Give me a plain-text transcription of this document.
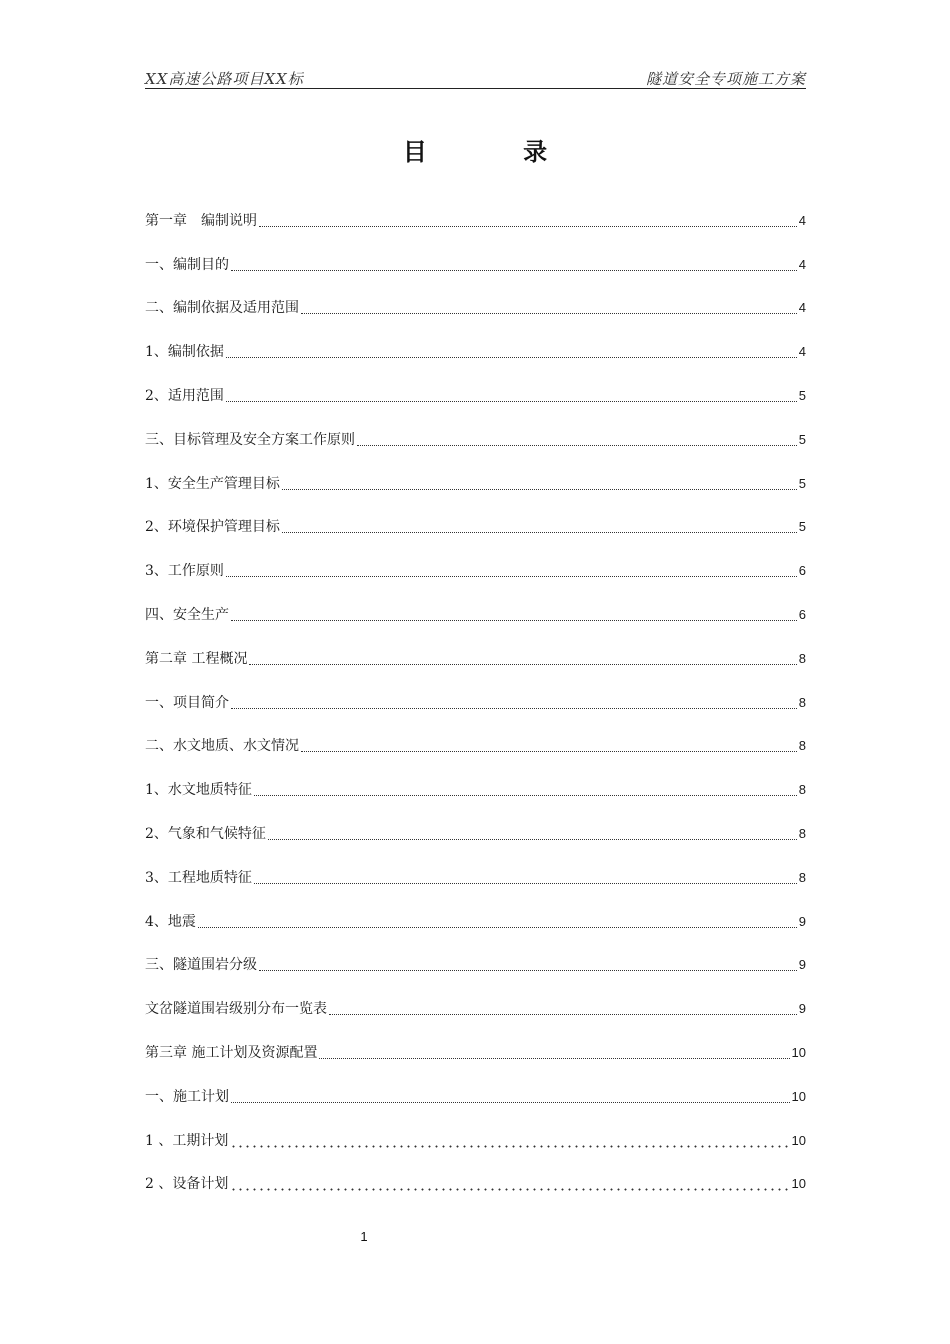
XX高速公路项目XX标	隧道安全专项施工方案
目 录
第一章　编制说明	4
一、编制目的	4
二、编制依据及适用范围	4
1、编制依据	4
2、适用范围	5
三、目标管理及安全方案工作原则	5
1、安全生产管理目标	5
2、环境保护管理目标	5
3、工作原则	6
四、安全生产	6
第二章 工程概况	8
一、项目简介	8
二、水文地质、水文情况	8
1、水文地质特征	8
2、气象和气候特征	8
3、工程地质特征	8
4、地震	9
三、隧道围岩分级	9
文岔隧道围岩级别分布一览表	9
第三章 施工计划及资源配置	10
一、施工计划	10
1 、工期计划	10
2 、设备计划	10
1
